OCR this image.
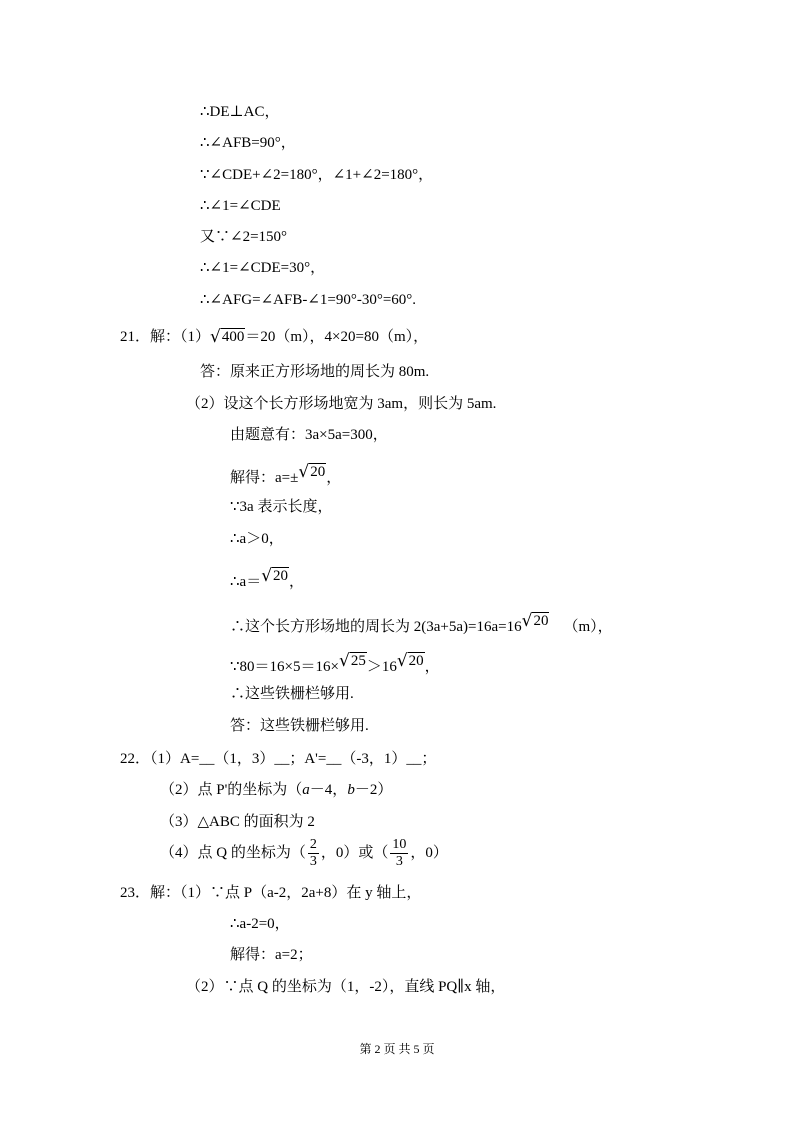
∴DE⊥AC，
∴∠AFB=90°，
∵∠CDE+∠2=180°，∠1+∠2=180°，
∴∠1=∠CDE
又∵∠2=150°
∴∠1=∠CDE=30°，
∴∠AFG=∠AFB-∠1=90°-30°=60°.
21．解：（1）√400＝20（m），4×20=80（m），
答：原来正方形场地的周长为 80m.
（2）设这个长方形场地宽为 3am，则长为 5am.
由题意有：3a×5a=300，
解得：a=±√20，
∵3a 表示长度，
∴a＞0，
∴a＝√20，
∴这个长方形场地的周长为 2(3a+5a)=16a=16√20 （m），
∵80＝16×5＝16×√25＞16√20，
∴这些铁栅栏够用.
答：这些铁栅栏够用.
22．（1）A=__（1，3）__；A'=__（-3，1）__；
（2）点 P'的坐标为（a－4，b－2）
（3）△ABC 的面积为 2
（4）点 Q 的坐标为（ $\frac{2}{3}$ ，0）或（ $\frac{10}{3}$ ，0）
23．解：（1）∵点 P（a-2，2a+8）在 y 轴上，
∴a-2=0，
解得：a=2；
（2）∵点 Q 的坐标为（1，-2），直线 PQ∥x 轴，
第 2 页 共 5 页
